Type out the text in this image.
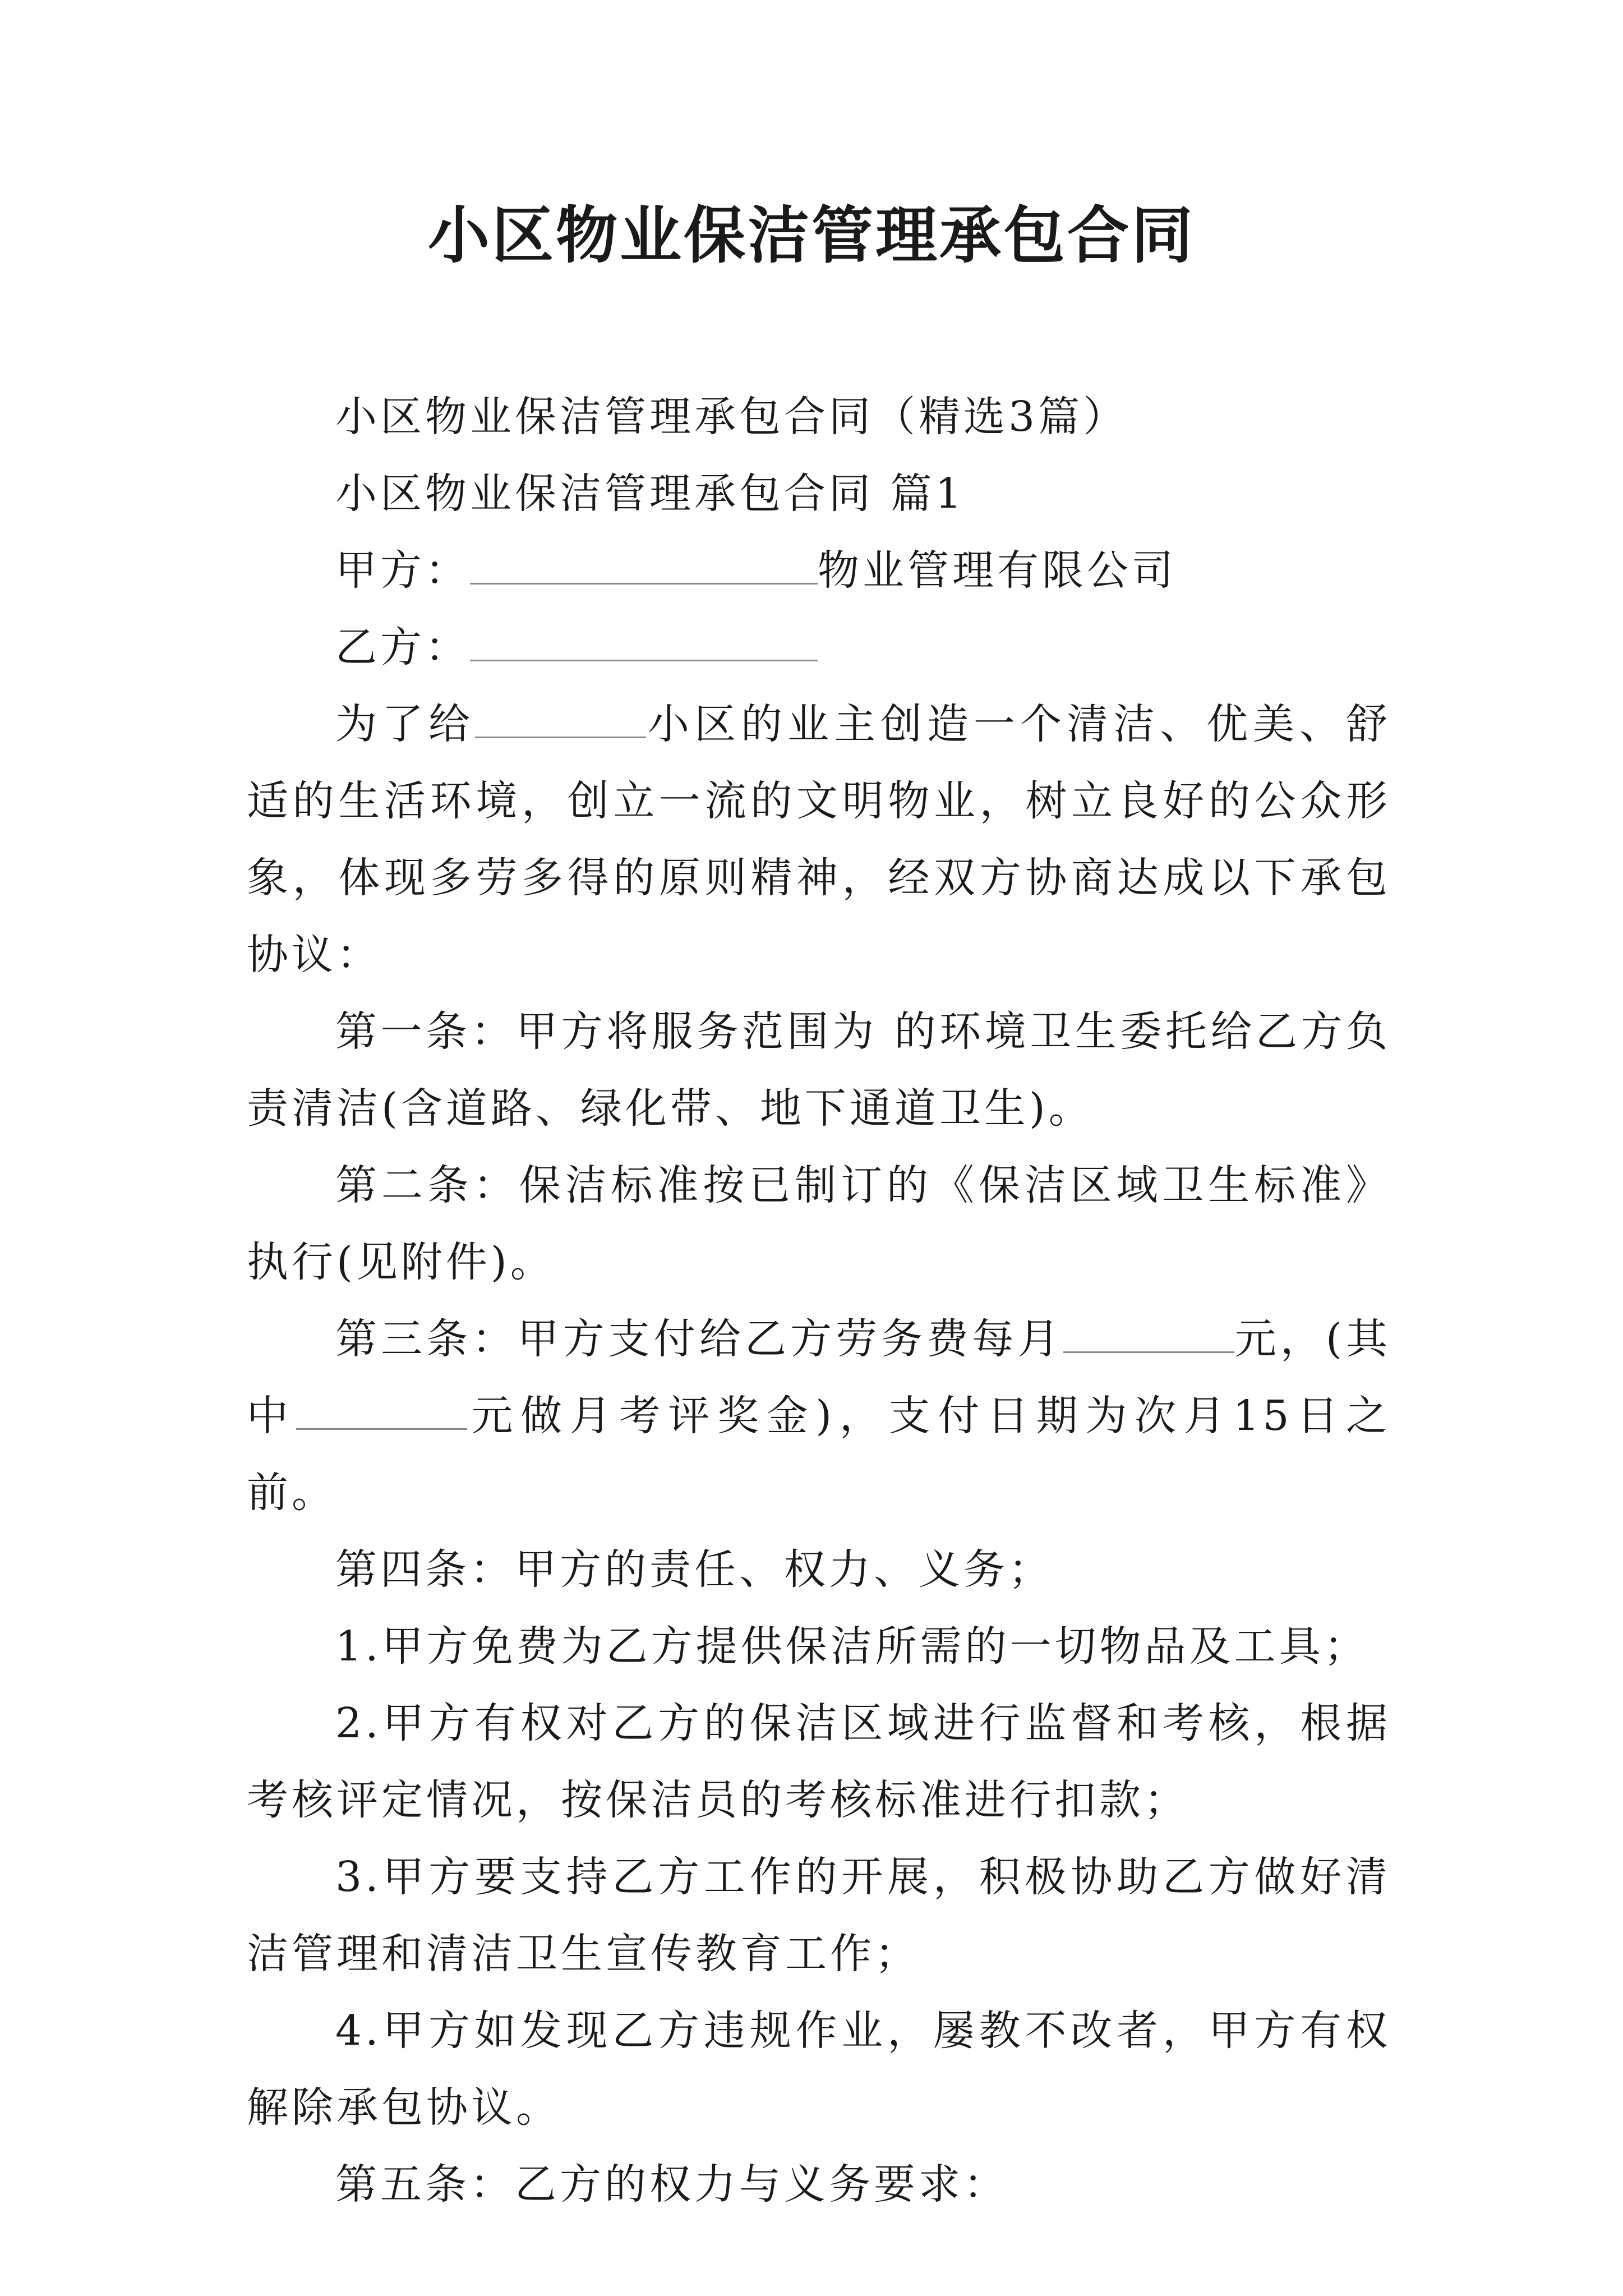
小区物业保洁管理承包合同

小区物业保洁管理承包合同（精选3篇）

小区物业保洁管理承包合同 篇1

甲方：	物业管理有限公司

乙方：

为了给	小区的业主创造一个清洁、优美、舒适的生活环境，创立一流的文明物业，树立良好的公众形象，体现多劳多得的原则精神，经双方协商达成以下承包协议：

第一条：甲方将服务范围为 的环境卫生委托给乙方负责清洁(含道路、绿化带、地下通道卫生)。

第二条：保洁标准按已制订的《保洁区域卫生标准》执行(见附件)。

第三条：甲方支付给乙方劳务费每月	元，(其中	元做月考评奖金)，支付日期为次月15日之前。

第四条：甲方的责任、权力、义务；

1.甲方免费为乙方提供保洁所需的一切物品及工具；

2.甲方有权对乙方的保洁区域进行监督和考核，根据考核评定情况，按保洁员的考核标准进行扣款；

3.甲方要支持乙方工作的开展，积极协助乙方做好清洁管理和清洁卫生宣传教育工作；

4.甲方如发现乙方违规作业，屡教不改者，甲方有权解除承包协议。

第五条：乙方的权力与义务要求：
